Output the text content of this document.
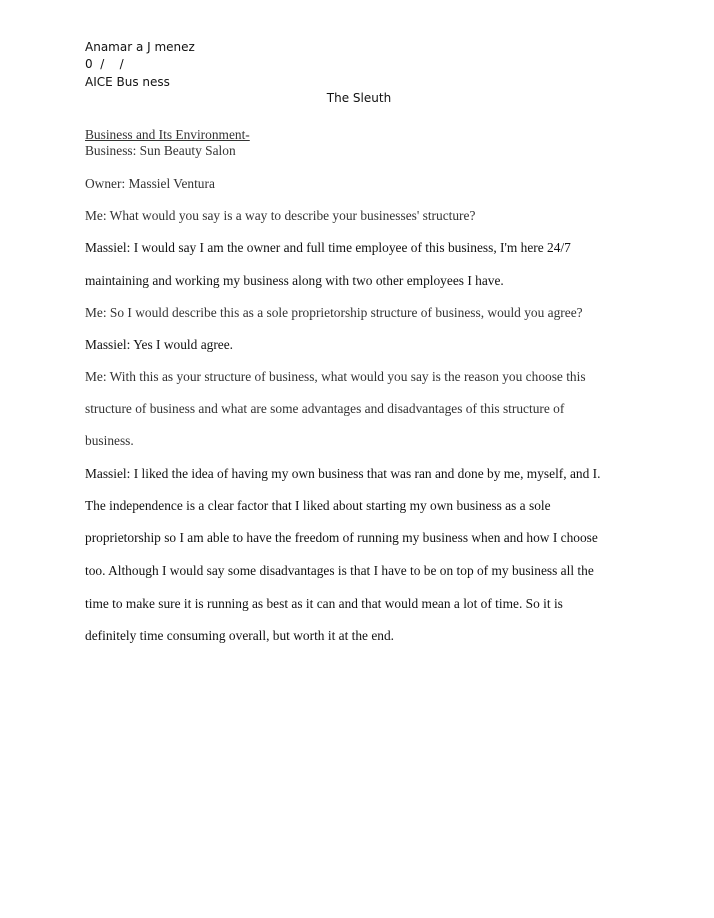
Anamar a J menez
0  /    /
AICE Bus ness
The Sleuth
Business and Its Environment-
Business: Sun Beauty Salon
Owner: Massiel Ventura
Me: What would you say is a way to describe your businesses' structure?
Massiel: I would say I am the owner and full time employee of this business, I'm here 24/7
maintaining and working my business along with two other employees I have.
Me: So I would describe this as a sole proprietorship structure of business, would you agree?
Massiel: Yes I would agree.
Me: With this as your structure of business, what would you say is the reason you choose this
structure of business and what are some advantages and disadvantages of this structure of
business.
Massiel: I liked the idea of having my own business that was ran and done by me, myself, and I.
The independence is a clear factor that I liked about starting my own business as a sole
proprietorship so I am able to have the freedom of running my business when and how I choose
too. Although I would say some disadvantages is that I have to be on top of my business all the
time to make sure it is running as best as it can and that would mean a lot of time. So it is
definitely time consuming overall, but worth it at the end.
